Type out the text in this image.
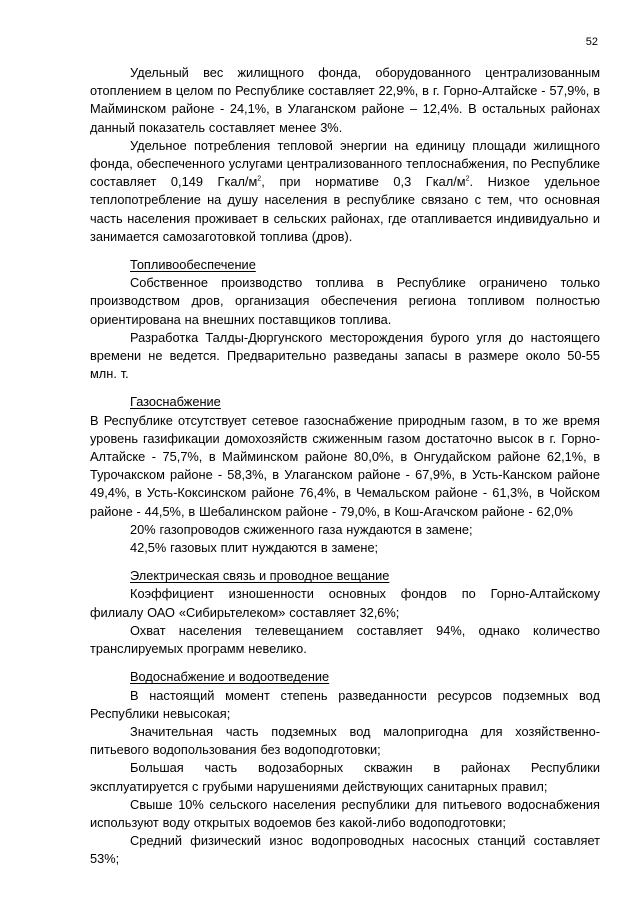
52

Удельный вес жилищного фонда, оборудованного централизованным отоплением в целом по Республике составляет 22,9%, в г. Горно-Алтайске - 57,9%, в Майминском районе - 24,1%, в Улаганском районе – 12,4%. В остальных районах данный показатель составляет менее 3%.

Удельное потребления тепловой энергии на единицу площади жилищного фонда, обеспеченного услугами централизованного теплоснабжения, по Республике составляет 0,149 Гкал/$м^2$, при нормативе 0,3 Гкал/$м^2$. Низкое удельное теплопотребление на душу населения в республике связано с тем, что основная часть населения проживает в сельских районах, где отапливается индивидуально и занимается самозаготовкой топлива (дров).

Топливообеспечение

Собственное производство топлива в Республике ограничено только производством дров, организация обеспечения региона топливом полностью ориентирована на внешних поставщиков топлива.

Разработка Талды-Дюргунского месторождения бурого угля до настоящего времени не ведется. Предварительно разведаны запасы в размере около 50-55 млн. т.

Газоснабжение

В Республике отсутствует сетевое газоснабжение природным газом, в то же время уровень газификации домохозяйств сжиженным газом достаточно высок в г. Горно-Алтайске - 75,7%, в Майминском районе 80,0%, в Онгудайском районе 62,1%, в Турочакском районе - 58,3%, в Улаганском районе - 67,9%, в Усть-Канском районе 49,4%, в Усть-Коксинском районе 76,4%, в Чемальском районе - 61,3%, в Чойском районе - 44,5%, в Шебалинском районе - 79,0%, в Кош-Агачском районе - 62,0%

20% газопроводов сжиженного газа нуждаются в замене;

42,5% газовых плит нуждаются в замене;

Электрическая связь и проводное вещание

Коэффициент изношенности основных фондов по Горно-Алтайскому филиалу ОАО «Сибирьтелеком» составляет 32,6%;

Охват населения телевещанием составляет 94%, однако количество транслируемых программ невелико.

Водоснабжение и водоотведение

В настоящий момент степень разведанности ресурсов подземных вод Республики невысокая;

Значительная часть подземных вод малопригодна для хозяйственно-питьевого водопользования без водоподготовки;

Большая часть водозаборных скважин в районах Республики эксплуатируется с грубыми нарушениями действующих санитарных правил;

Свыше 10% сельского населения республики для питьевого водоснабжения используют воду открытых водоемов без какой-либо водоподготовки;

Средний физический износ водопроводных насосных станций составляет 53%;
